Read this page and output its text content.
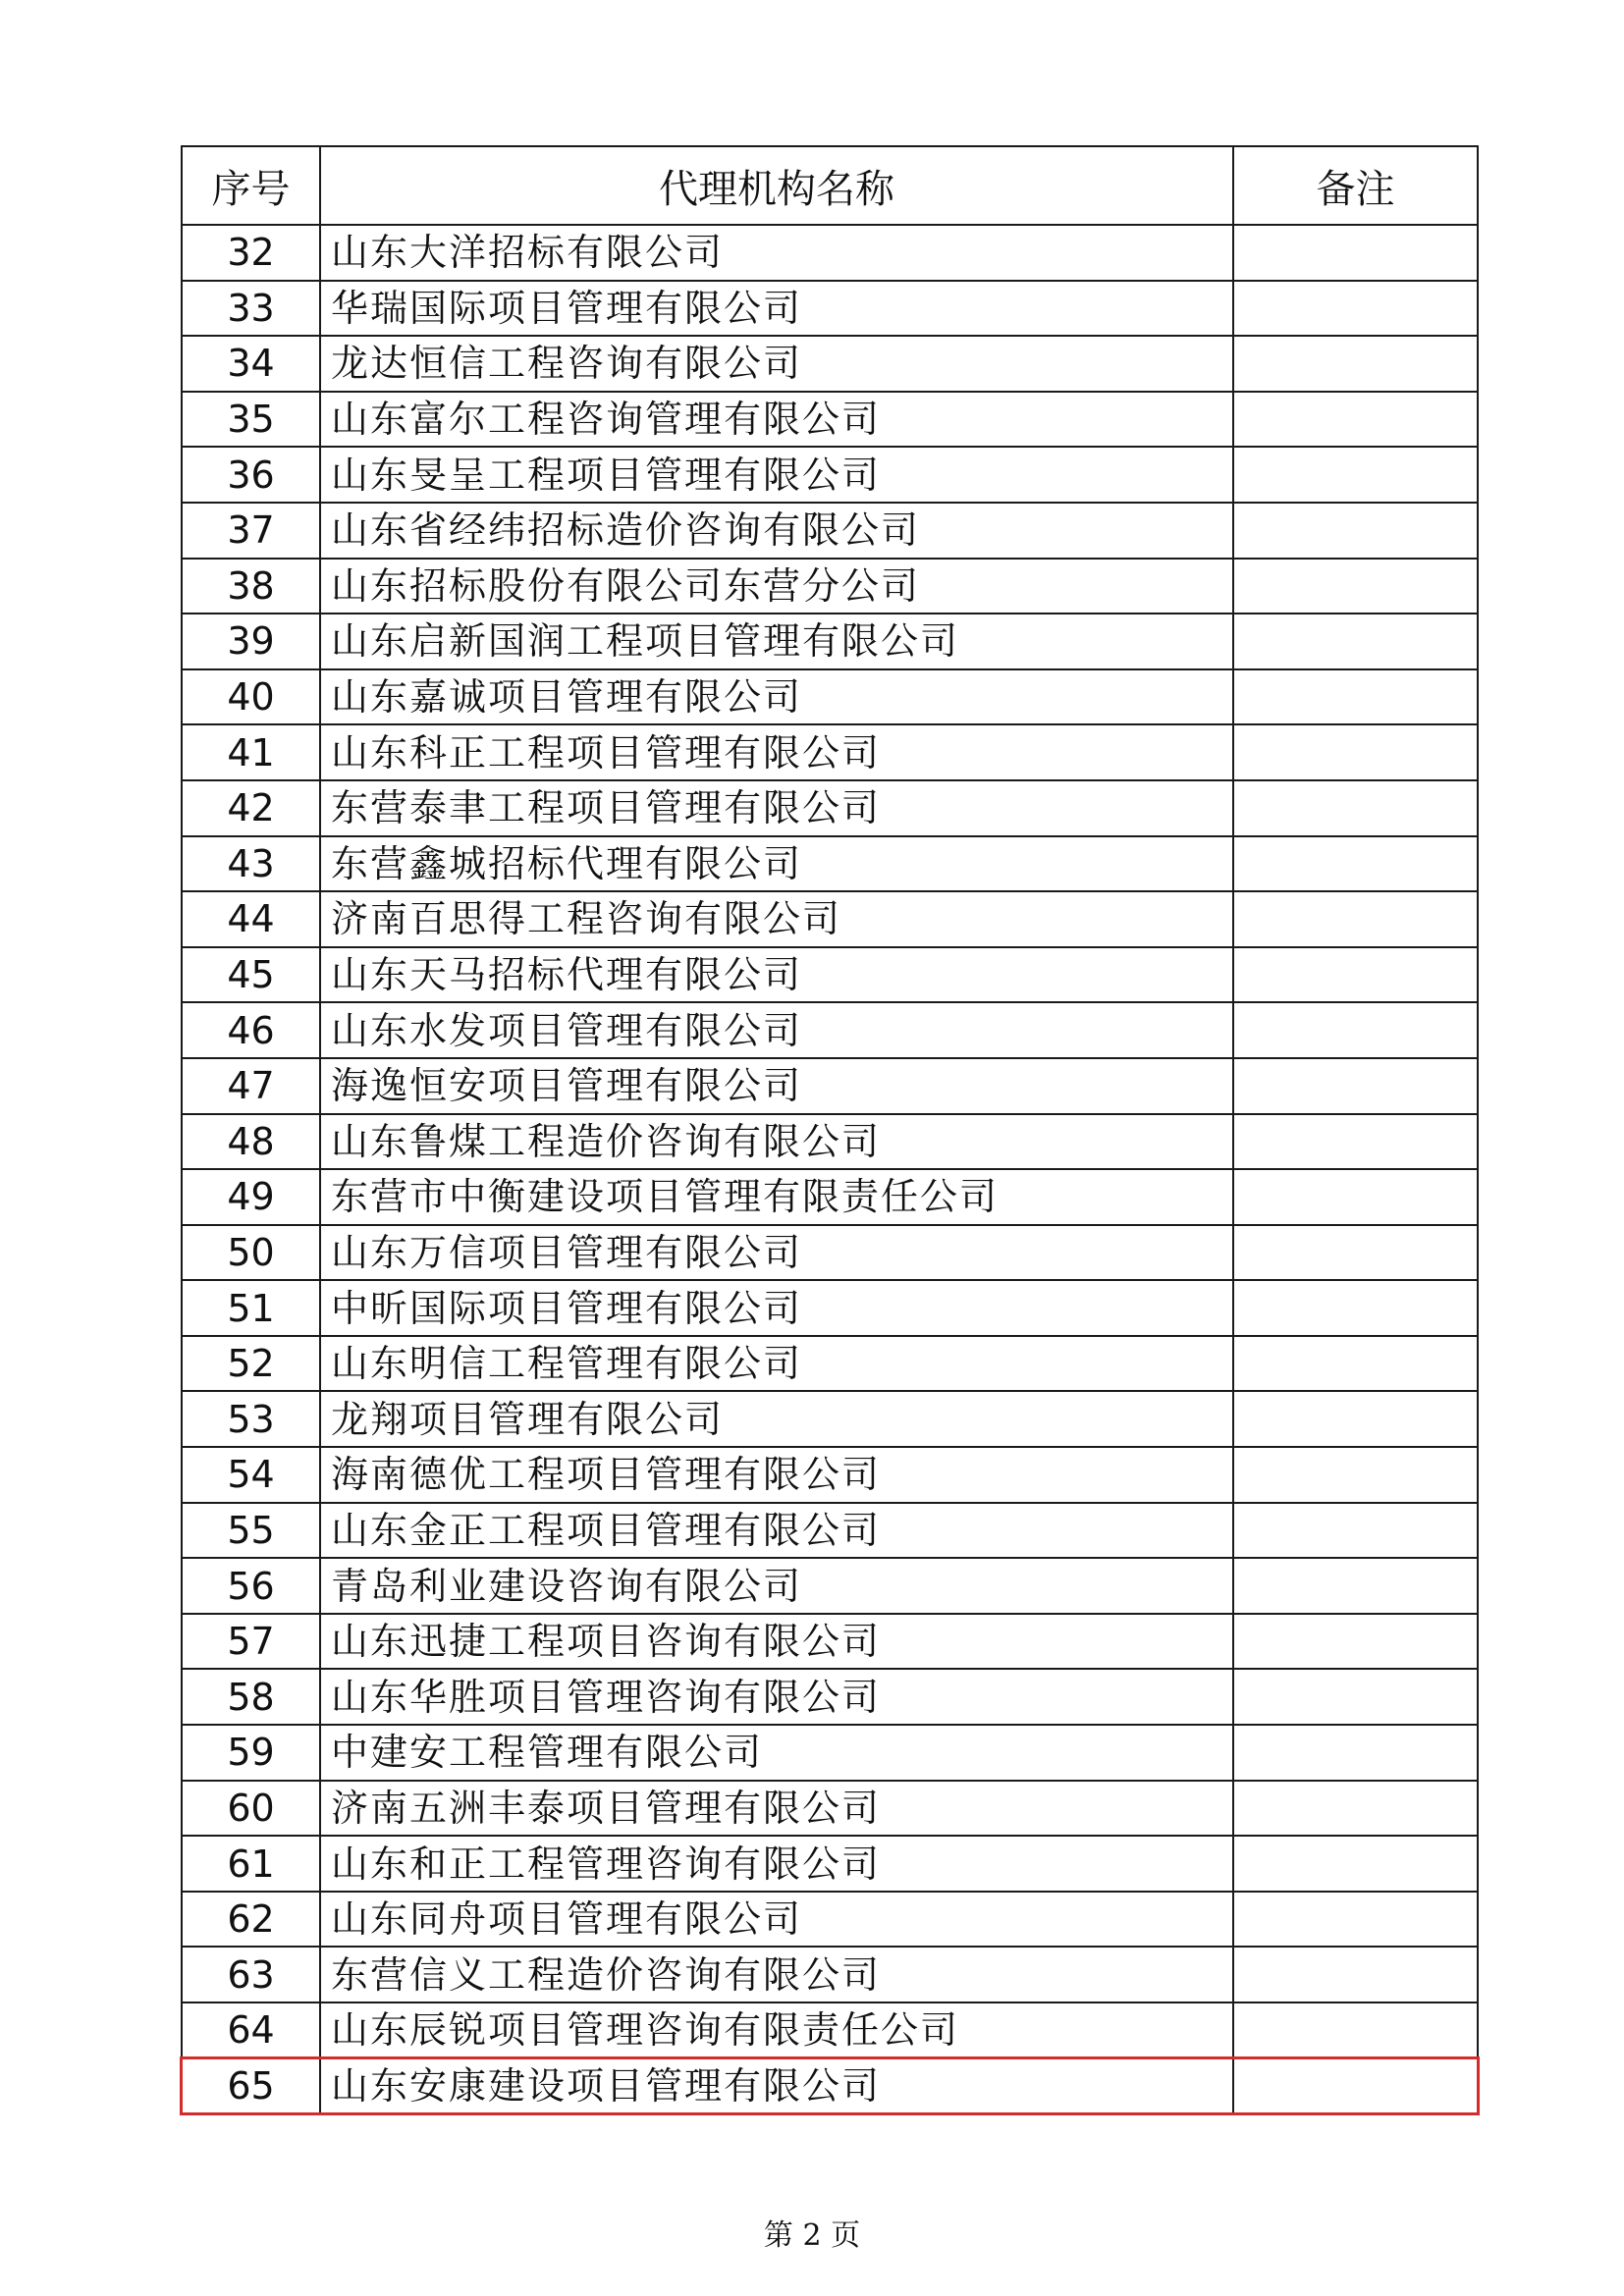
序号	代理机构名称	备注
32	山东大洋招标有限公司	
33	华瑞国际项目管理有限公司	
34	龙达恒信工程咨询有限公司	
35	山东富尔工程咨询管理有限公司	
36	山东旻呈工程项目管理有限公司	
37	山东省经纬招标造价咨询有限公司	
38	山东招标股份有限公司东营分公司	
39	山东启新国润工程项目管理有限公司	
40	山东嘉诚项目管理有限公司	
41	山东科正工程项目管理有限公司	
42	东营泰聿工程项目管理有限公司	
43	东营鑫城招标代理有限公司	
44	济南百思得工程咨询有限公司	
45	山东天马招标代理有限公司	
46	山东水发项目管理有限公司	
47	海逸恒安项目管理有限公司	
48	山东鲁煤工程造价咨询有限公司	
49	东营市中衡建设项目管理有限责任公司	
50	山东万信项目管理有限公司	
51	中昕国际项目管理有限公司	
52	山东明信工程管理有限公司	
53	龙翔项目管理有限公司	
54	海南德优工程项目管理有限公司	
55	山东金正工程项目管理有限公司	
56	青岛利业建设咨询有限公司	
57	山东迅捷工程项目咨询有限公司	
58	山东华胜项目管理咨询有限公司	
59	中建安工程管理有限公司	
60	济南五洲丰泰项目管理有限公司	
61	山东和正工程管理咨询有限公司	
62	山东同舟项目管理有限公司	
63	东营信义工程造价咨询有限公司	
64	山东辰锐项目管理咨询有限责任公司	
65	山东安康建设项目管理有限公司	
第 2 页
